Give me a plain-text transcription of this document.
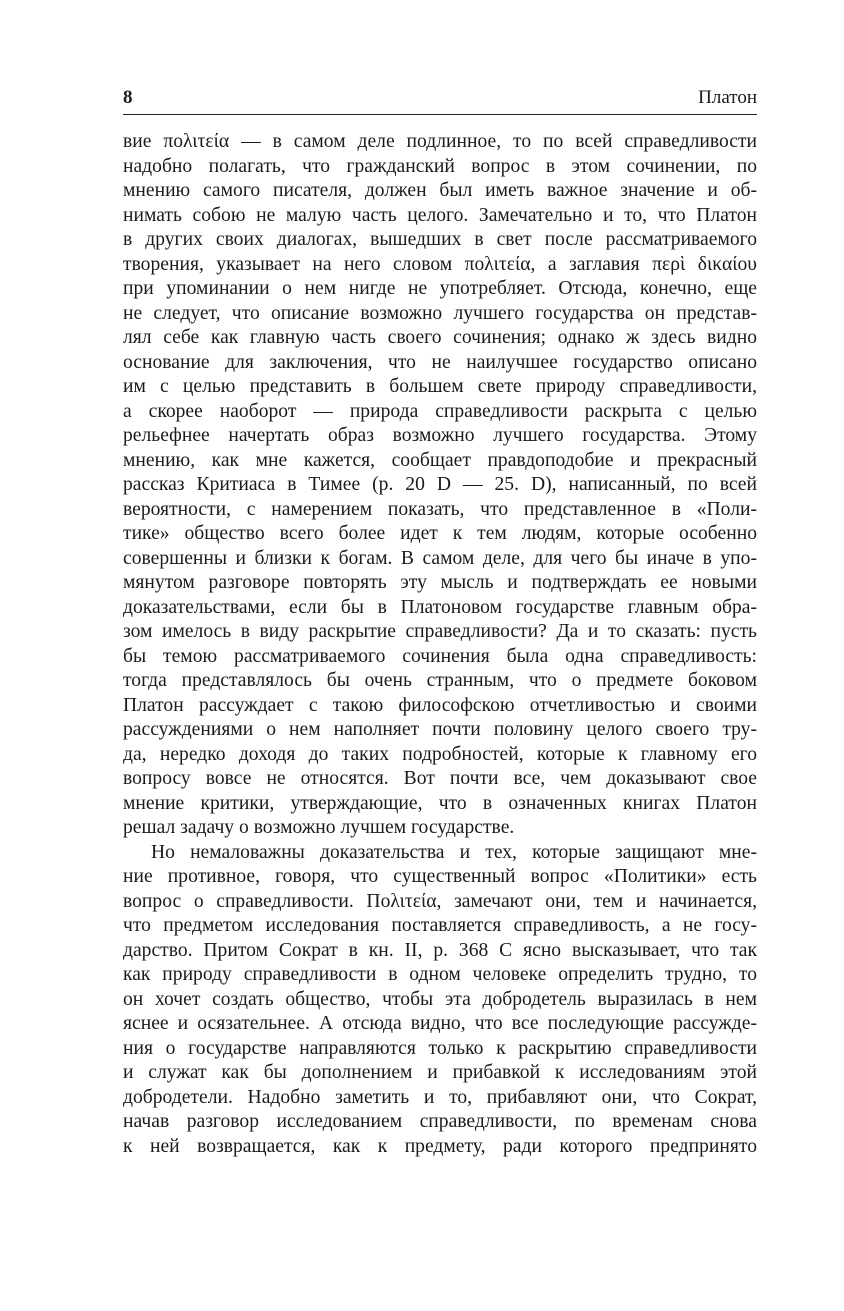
8	Платон
вие πολιτεία — в самом деле подлинное, то по всей справедливости
надобно полагать, что гражданский вопрос в этом сочинении, по
мнению самого писателя, должен был иметь важное значение и об-
нимать собою не малую часть целого. Замечательно и то, что Платон
в других своих диалогах, вышедших в свет после рассматриваемого
творения, указывает на него словом πολιτεία, а заглавия περὶ δικαίου
при упоминании о нем нигде не употребляет. Отсюда, конечно, еще
не следует, что описание возможно лучшего государства он представ-
лял себе как главную часть своего сочинения; однако ж здесь видно
основание для заключения, что не наилучшее государство описано
им с целью представить в большем свете природу справедливости,
а скорее наоборот — природа справедливости раскрыта с целью
рельефнее начертать образ возможно лучшего государства. Этому
мнению, как мне кажется, сообщает правдоподобие и прекрасный
рассказ Критиаса в Тимее (p. 20 D — 25. D), написанный, по всей
вероятности, с намерением показать, что представленное в «Поли-
тике» общество всего более идет к тем людям, которые особенно
совершенны и близки к богам. В самом деле, для чего бы иначе в упо-
мянутом разговоре повторять эту мысль и подтверждать ее новыми
доказательствами, если бы в Платоновом государстве главным обра-
зом имелось в виду раскрытие справедливости? Да и то сказать: пусть
бы темою рассматриваемого сочинения была одна справедливость:
тогда представлялось бы очень странным, что о предмете боковом
Платон рассуждает с такою философскою отчетливостью и своими
рассуждениями о нем наполняет почти половину целого своего тру-
да, нередко доходя до таких подробностей, которые к главному его
вопросу вовсе не относятся. Вот почти все, чем доказывают свое
мнение критики, утверждающие, что в означенных книгах Платон
решал задачу о возможно лучшем государстве.
Но немаловажны доказательства и тех, которые защищают мне-
ние противное, говоря, что существенный вопрос «Политики» есть
вопрос о справедливости. Πολιτεία, замечают они, тем и начинается,
что предметом исследования поставляется справедливость, а не госу-
дарство. Притом Сократ в кн. II, p. 368 С ясно высказывает, что так
как природу справедливости в одном человеке определить трудно, то
он хочет создать общество, чтобы эта добродетель выразилась в нем
яснее и осязательнее. А отсюда видно, что все последующие рассужде-
ния о государстве направляются только к раскрытию справедливости
и служат как бы дополнением и прибавкой к исследованиям этой
добродетели. Надобно заметить и то, прибавляют они, что Сократ,
начав разговор исследованием справедливости, по временам снова
к ней возвращается, как к предмету, ради которого предпринято
